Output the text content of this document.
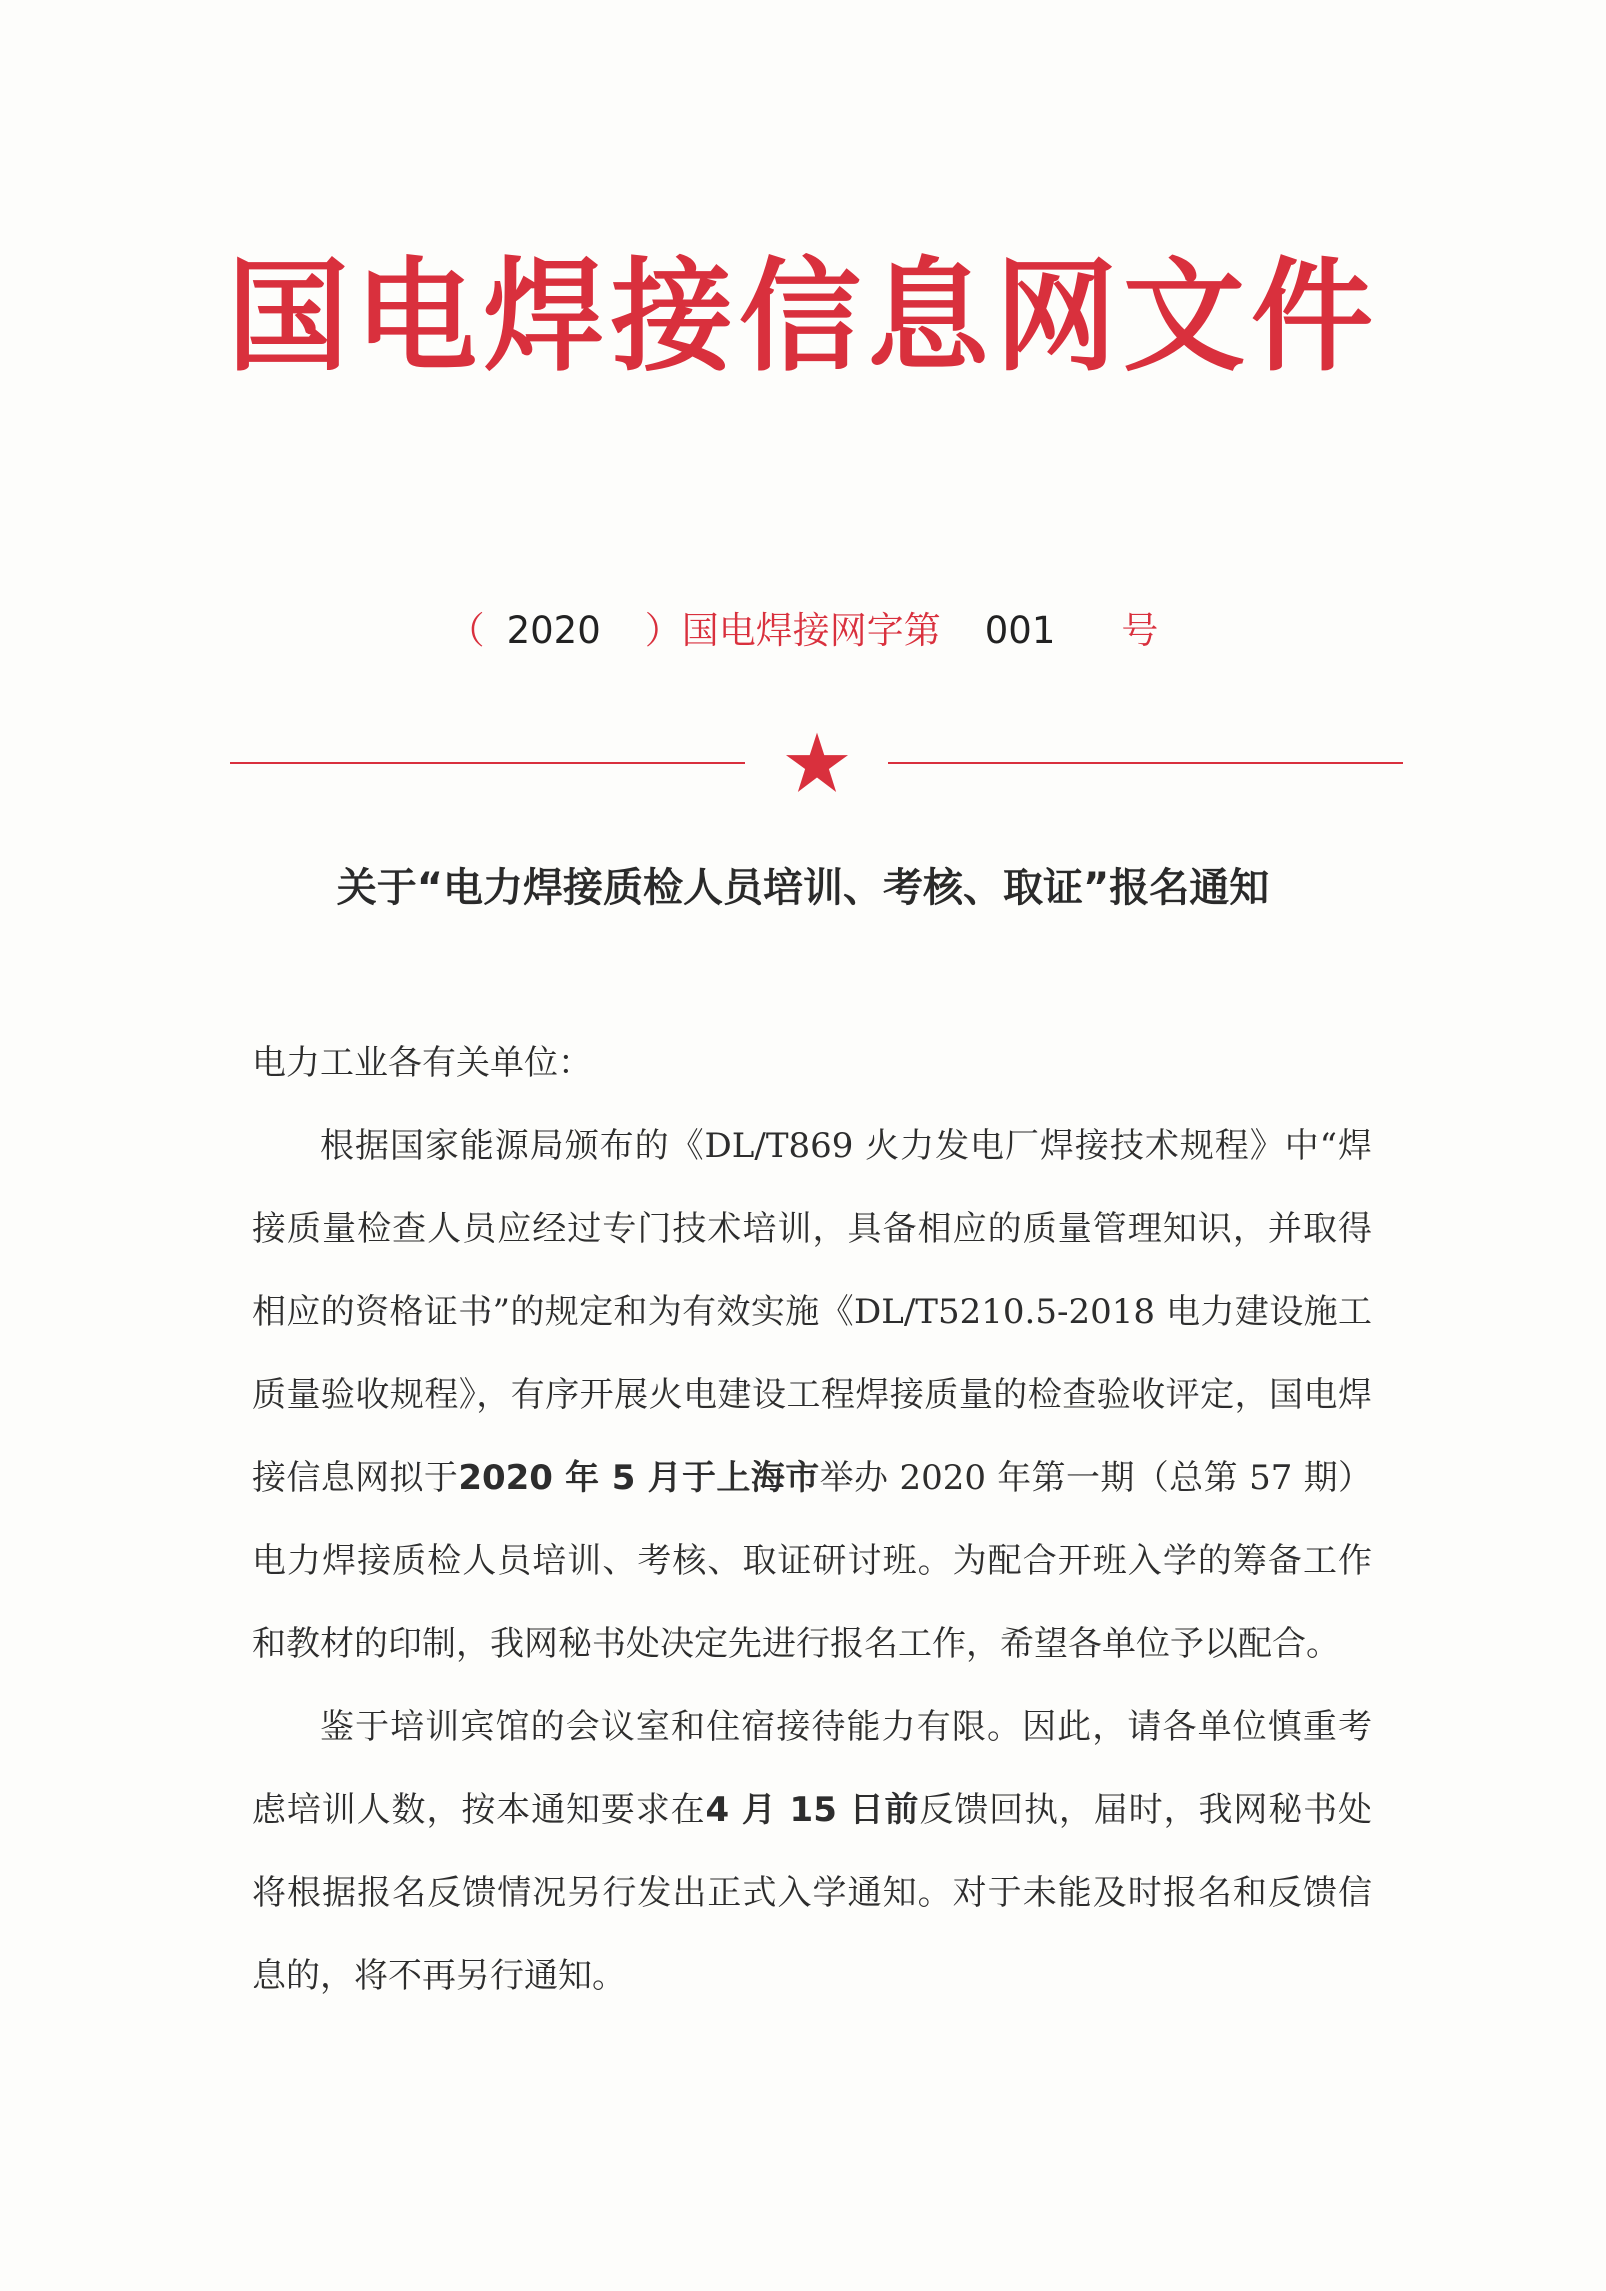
国电焊接信息网文件
（ 2020 ）国电焊接网字第 001 号
关于“电力焊接质检人员培训、考核、取证”报名通知

电力工业各有关单位：

根据国家能源局颁布的《DL/T869 火力发电厂焊接技术规程》中“焊接质量检查人员应经过专门技术培训，具备相应的质量管理知识，并取得相应的资格证书”的规定和为有效实施《DL/T5210.5-2018 电力建设施工质量验收规程》，有序开展火电建设工程焊接质量的检查验收评定，国电焊接信息网拟于2020 年 5 月于上海市举办 2020 年第一期（总第 57 期）电力焊接质检人员培训、考核、取证研讨班。为配合开班入学的筹备工作和教材的印制，我网秘书处决定先进行报名工作，希望各单位予以配合。

鉴于培训宾馆的会议室和住宿接待能力有限。因此，请各单位慎重考虑培训人数，按本通知要求在4 月 15 日前反馈回执，届时，我网秘书处将根据报名反馈情况另行发出正式入学通知。对于未能及时报名和反馈信息的，将不再另行通知。
